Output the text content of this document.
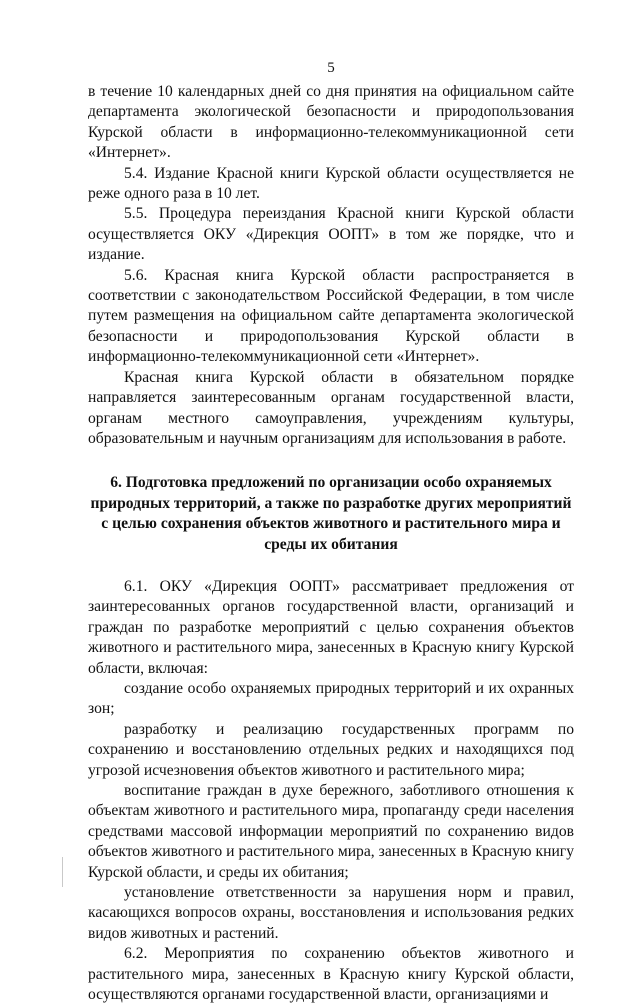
5

в течение 10 календарных дней со дня принятия на официальном сайте департамента экологической безопасности и природопользования Курской области в информационно-телекоммуникационной сети «Интернет».

5.4. Издание Красной книги Курской области осуществляется не реже одного раза в 10 лет.

5.5. Процедура переиздания Красной книги Курской области осуществляется ОКУ «Дирекция ООПТ» в том же порядке, что и издание.

5.6. Красная книга Курской области распространяется в соответствии с законодательством Российской Федерации, в том числе путем размещения на официальном сайте департамента экологической безопасности и природопользования Курской области в информационно-телекоммуникационной сети «Интернет».

Красная книга Курской области в обязательном порядке направляется заинтересованным органам государственной власти, органам местного самоуправления, учреждениям культуры, образовательным и научным организациям для использования в работе.

6. Подготовка предложений по организации особо охраняемых природных территорий, а также по разработке других мероприятий с целью сохранения объектов животного и растительного мира и среды их обитания

6.1. ОКУ «Дирекция ООПТ» рассматривает предложения от заинтересованных органов государственной власти, организаций и граждан по разработке мероприятий с целью сохранения объектов животного и растительного мира, занесенных в Красную книгу Курской области, включая:

создание особо охраняемых природных территорий и их охранных зон;

разработку и реализацию государственных программ по сохранению и восстановлению отдельных редких и находящихся под угрозой исчезновения объектов животного и растительного мира;

воспитание граждан в духе бережного, заботливого отношения к объектам животного и растительного мира, пропаганду среди населения средствами массовой информации мероприятий по сохранению видов объектов животного и растительного мира, занесенных в Красную книгу Курской области, и среды их обитания;

установление ответственности за нарушения норм и правил, касающихся вопросов охраны, восстановления и использования редких видов животных и растений.

6.2. Мероприятия по сохранению объектов животного и растительного мира, занесенных в Красную книгу Курской области, осуществляются органами государственной власти, организациями и
